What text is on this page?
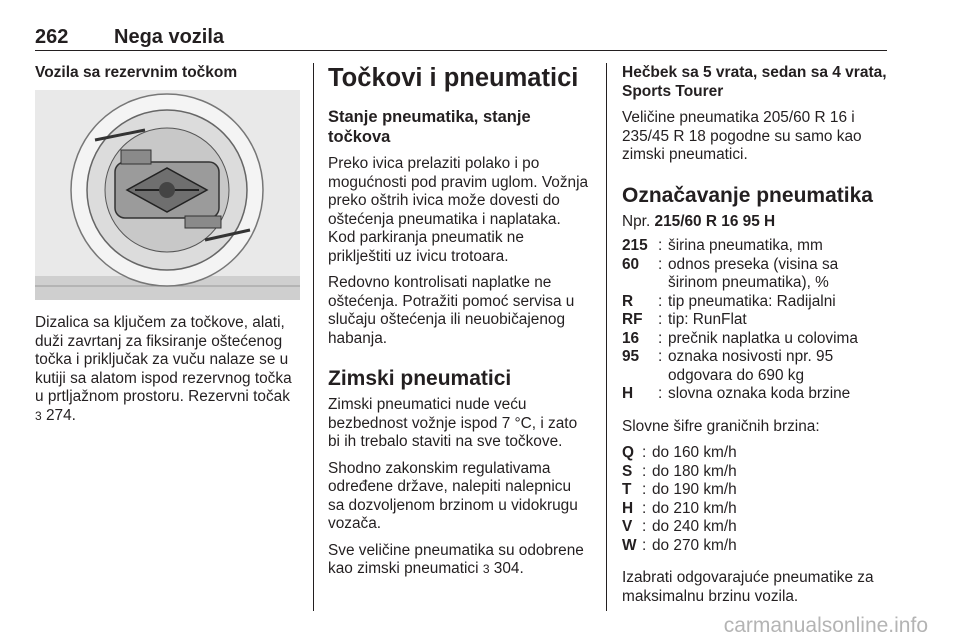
262 Nega vozila
Vozila sa rezervnim točkom

Dizalica sa ključem za točkove, alati, duži zavrtanj za fiksiranje oštećenog točka i priključak za vuču nalaze se u kutiji sa alatom ispod rezervnog točka u prtljažnom prostoru. Rezervni točak
3 274.

Točkovi i pneumatici
Stanje pneumatika, stanje točkova

Preko ivica prelaziti polako i po mogućnosti pod pravim uglom. Vožnja preko oštrih ivica može dovesti do oštećenja pneumatika i naplataka. Kod parkiranja pneumatik ne priklještiti uz ivicu trotoara.

Redovno kontrolisati naplatke ne oštećenja. Potražiti pomoć servisa u slučaju oštećenja ili neuobičajenog habanja.

Zimski pneumatici

Zimski pneumatici nude veću bezbednost vožnje ispod 7 °C, i zato bi ih trebalo staviti na sve točkove.

Shodno zakonskim regulativama određene države, nalepiti nalepnicu sa dozvoljenom brzinom u vidokrugu vozača.

Sve veličine pneumatika su odobrene kao zimski pneumatici 3 304.

Hečbek sa 5 vrata, sedan sa 4 vrata, Sports Tourer

Veličine pneumatika 205/60 R 16 i 235/45 R 18 pogodne su samo kao zimski pneumatici.

Označavanje pneumatika
Npr. 215/60 R 16 95 H
215 : širina pneumatika, mm
60	: odnos preseka (visina sa širinom pneumatika), %
R	: tip pneumatika: Radijalni
RF	: tip: RunFlat
16	: prečnik naplatka u colovima
95	: oznaka nosivosti npr. 95 odgovara do 690 kg
H	: slovna oznaka koda brzine

Slovne šifre graničnih brzina:

Q : do 160 km/h
S : do 180 km/h
T : do 190 km/h
H : do 210 km/h
V : do 240 km/h
W : do 270 km/h

Izabrati odgovarajuće pneumatike za maksimalnu brzinu vozila.

carmanualsonline.info
